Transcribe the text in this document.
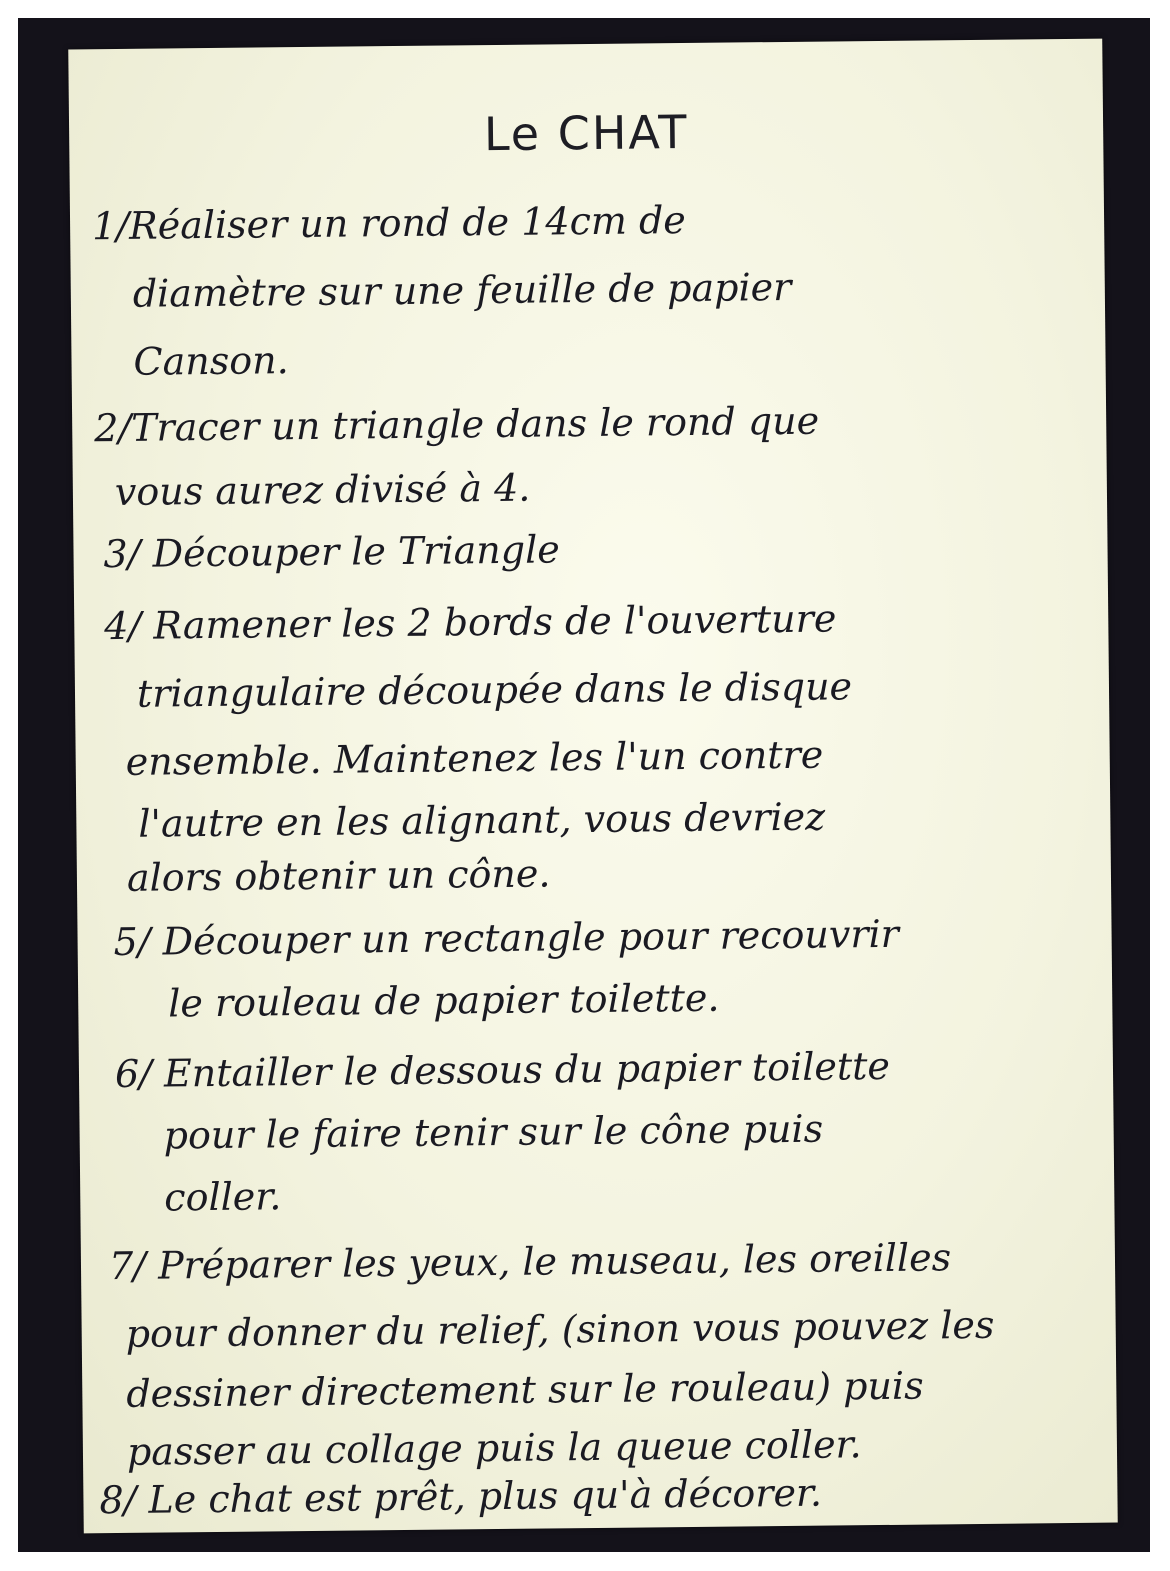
Le CHAT
1/Réaliser un rond de 14cm de
diamètre sur une feuille de papier
Canson.
2/Tracer un triangle dans le rond que
vous aurez divisé à 4.
3/ Découper le Triangle
4/ Ramener les 2 bords de l'ouverture
triangulaire découpée dans le disque
ensemble. Maintenez les l'un contre
l'autre en les alignant, vous devriez
alors obtenir un cône.
5/ Découper un rectangle pour recouvrir
le rouleau de papier toilette.
6/ Entailler le dessous du papier toilette
pour le faire tenir sur le cône puis
coller.
7/ Préparer les yeux, le museau, les oreilles
pour donner du relief, (sinon vous pouvez les
dessiner directement sur le rouleau) puis
passer au collage puis la queue coller.
8/ Le chat est prêt, plus qu'à décorer.
